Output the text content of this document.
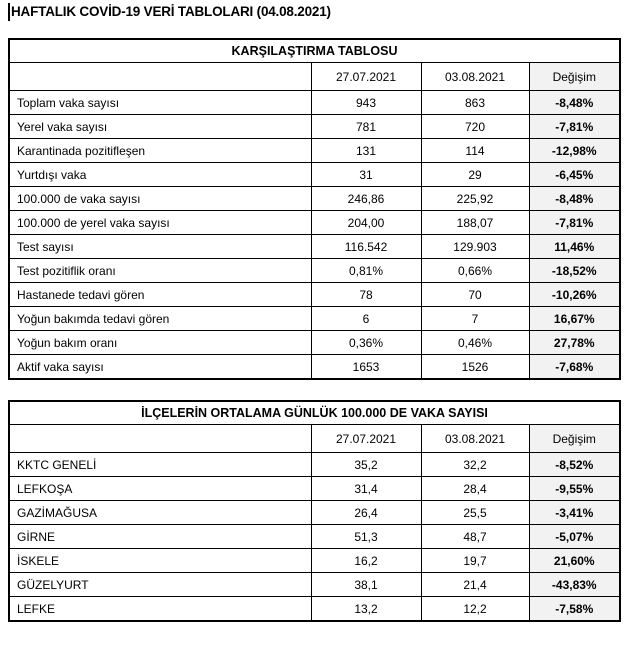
HAFTALIK COVİD-19 VERİ TABLOLARI (04.08.2021)
KARŞILAŞTIRMA TABLOSU			
	27.07.2021	03.08.2021	Değişim
Toplam vaka sayısı	943	863	-8,48%
Yerel vaka sayısı	781	720	-7,81%
Karantinada pozitifleşen	131	114	-12,98%
Yurtdışı vaka	31	29	-6,45%
100.000 de vaka sayısı	246,86	225,92	-8,48%
100.000 de yerel vaka sayısı	204,00	188,07	-7,81%
Test sayısı	116.542	129.903	11,46%
Test pozitiflik oranı	0,81%	0,66%	-18,52%
Hastanede tedavi gören	78	70	-10,26%
Yoğun bakımda tedavi gören	6	7	16,67%
Yoğun bakım oranı	0,36%	0,46%	27,78%
Aktif vaka sayısı	1653	1526	-7,68%
İLÇELERİN ORTALAMA GÜNLÜK 100.000 DE VAKA SAYISI			
	27.07.2021	03.08.2021	Değişim
KKTC GENELİ	35,2	32,2	-8,52%
LEFKOŞA	31,4	28,4	-9,55%
GAZİMAĞUSA	26,4	25,5	-3,41%
GİRNE	51,3	48,7	-5,07%
İSKELE	16,2	19,7	21,60%
GÜZELYURT	38,1	21,4	-43,83%
LEFKE	13,2	12,2	-7,58%
